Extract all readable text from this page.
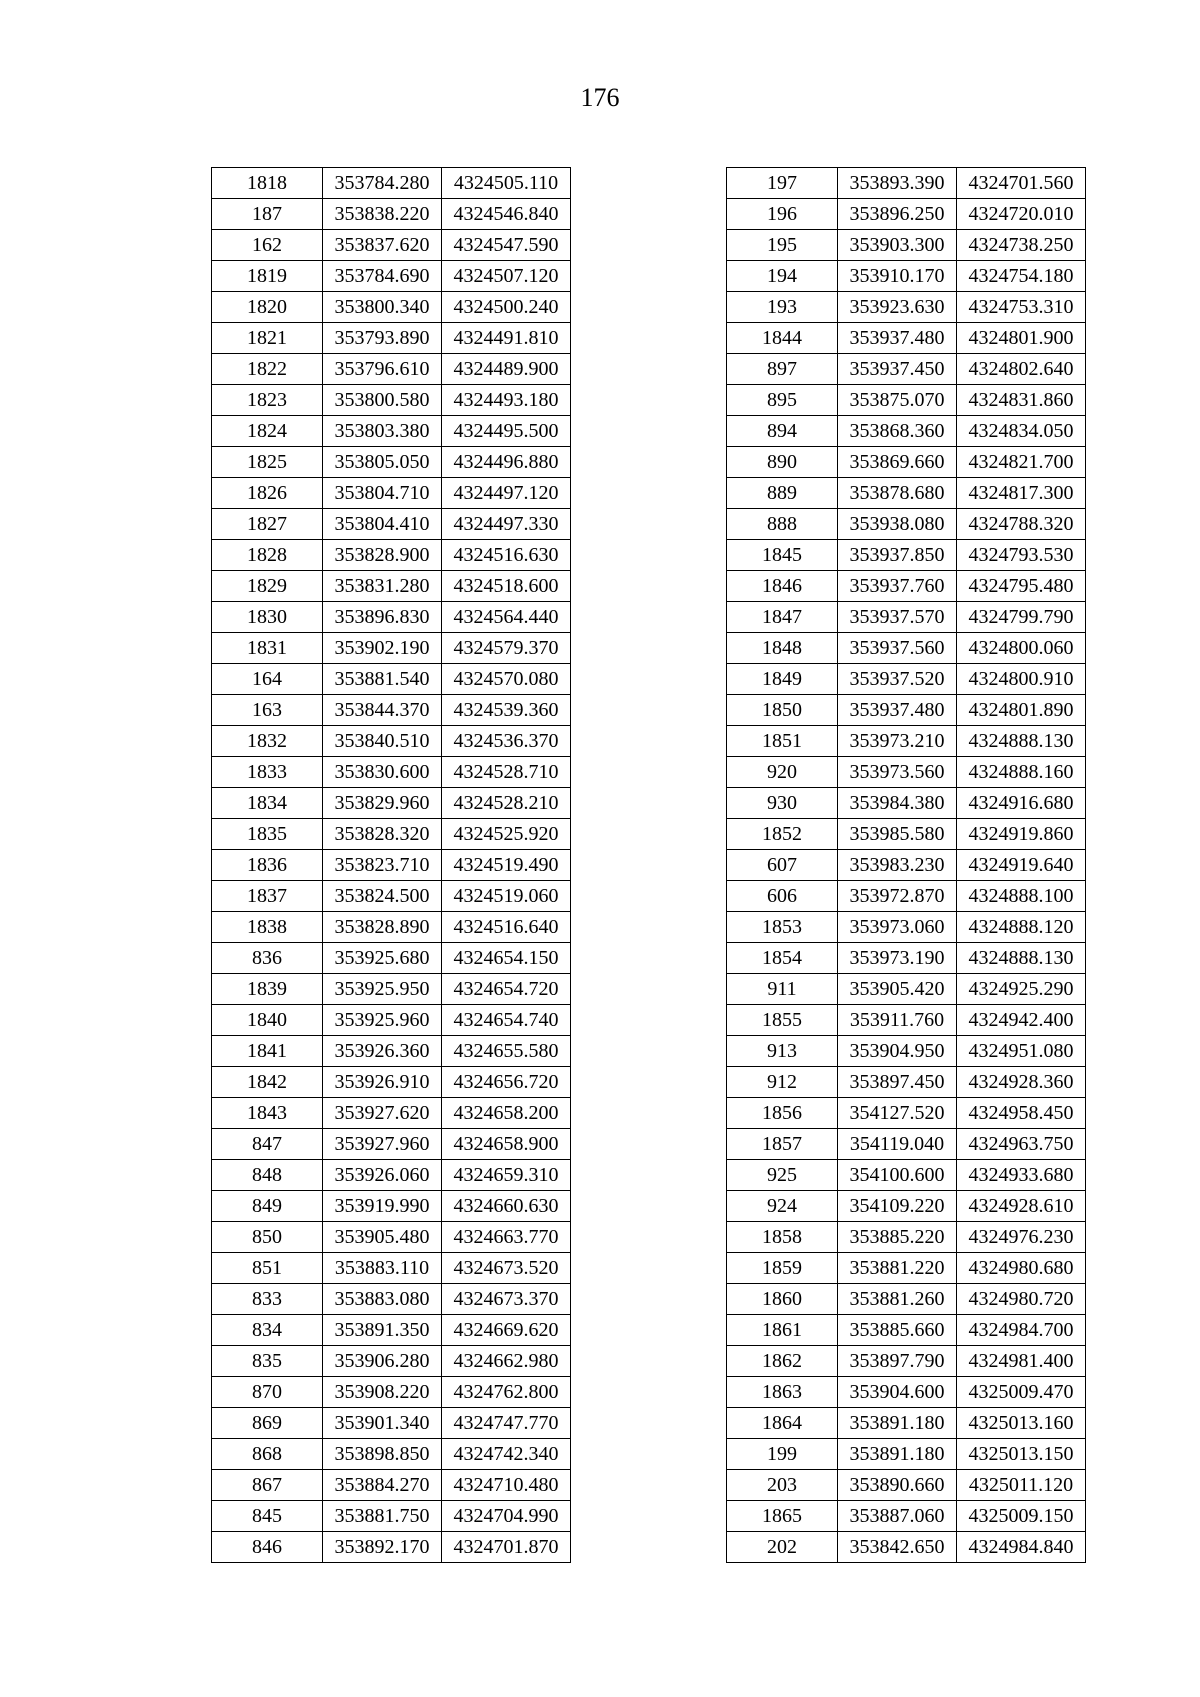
176
1818	353784.280	4324505.110
187	353838.220	4324546.840
162	353837.620	4324547.590
1819	353784.690	4324507.120
1820	353800.340	4324500.240
1821	353793.890	4324491.810
1822	353796.610	4324489.900
1823	353800.580	4324493.180
1824	353803.380	4324495.500
1825	353805.050	4324496.880
1826	353804.710	4324497.120
1827	353804.410	4324497.330
1828	353828.900	4324516.630
1829	353831.280	4324518.600
1830	353896.830	4324564.440
1831	353902.190	4324579.370
164	353881.540	4324570.080
163	353844.370	4324539.360
1832	353840.510	4324536.370
1833	353830.600	4324528.710
1834	353829.960	4324528.210
1835	353828.320	4324525.920
1836	353823.710	4324519.490
1837	353824.500	4324519.060
1838	353828.890	4324516.640
836	353925.680	4324654.150
1839	353925.950	4324654.720
1840	353925.960	4324654.740
1841	353926.360	4324655.580
1842	353926.910	4324656.720
1843	353927.620	4324658.200
847	353927.960	4324658.900
848	353926.060	4324659.310
849	353919.990	4324660.630
850	353905.480	4324663.770
851	353883.110	4324673.520
833	353883.080	4324673.370
834	353891.350	4324669.620
835	353906.280	4324662.980
870	353908.220	4324762.800
869	353901.340	4324747.770
868	353898.850	4324742.340
867	353884.270	4324710.480
845	353881.750	4324704.990
846	353892.170	4324701.870
197	353893.390	4324701.560
196	353896.250	4324720.010
195	353903.300	4324738.250
194	353910.170	4324754.180
193	353923.630	4324753.310
1844	353937.480	4324801.900
897	353937.450	4324802.640
895	353875.070	4324831.860
894	353868.360	4324834.050
890	353869.660	4324821.700
889	353878.680	4324817.300
888	353938.080	4324788.320
1845	353937.850	4324793.530
1846	353937.760	4324795.480
1847	353937.570	4324799.790
1848	353937.560	4324800.060
1849	353937.520	4324800.910
1850	353937.480	4324801.890
1851	353973.210	4324888.130
920	353973.560	4324888.160
930	353984.380	4324916.680
1852	353985.580	4324919.860
607	353983.230	4324919.640
606	353972.870	4324888.100
1853	353973.060	4324888.120
1854	353973.190	4324888.130
911	353905.420	4324925.290
1855	353911.760	4324942.400
913	353904.950	4324951.080
912	353897.450	4324928.360
1856	354127.520	4324958.450
1857	354119.040	4324963.750
925	354100.600	4324933.680
924	354109.220	4324928.610
1858	353885.220	4324976.230
1859	353881.220	4324980.680
1860	353881.260	4324980.720
1861	353885.660	4324984.700
1862	353897.790	4324981.400
1863	353904.600	4325009.470
1864	353891.180	4325013.160
199	353891.180	4325013.150
203	353890.660	4325011.120
1865	353887.060	4325009.150
202	353842.650	4324984.840
